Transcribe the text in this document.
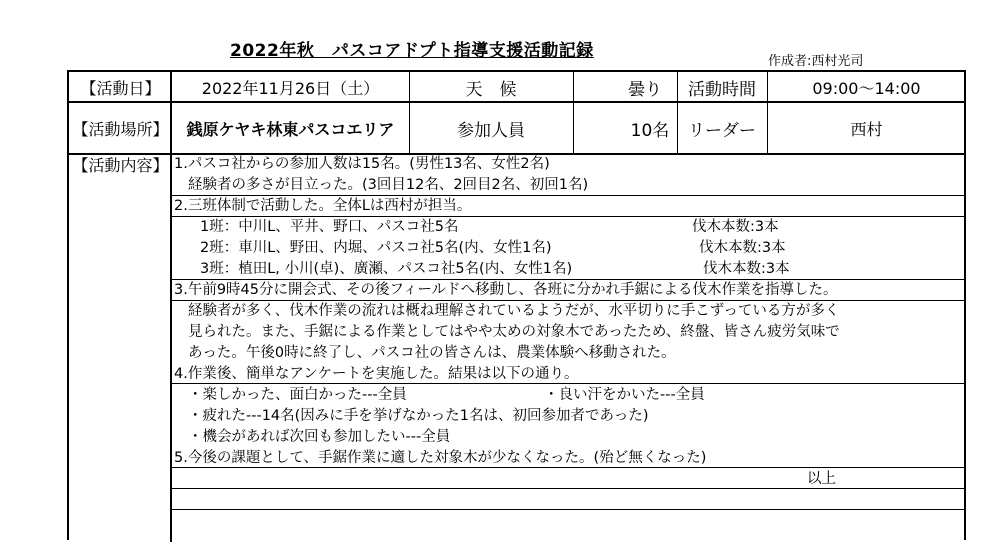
2022年秋　パスコアドプト指導支援活動記録
作成者:西村光司
【活動日】	2022年11月26日（土）	天　候	曇り	活動時間	09:00～14:00
【活動場所】	銭原ケヤキ林東パスコエリア	参加人員	10名	リーダー	西村
【活動内容】 1.パスコ社からの参加人数は15名。(男性13名、女性2名)
経験者の多さが目立った。(3回目12名、2回目2名、初回1名)
2.三班体制で活動した。全体Lは西村が担当。
1班：中川L、平井、野口、パスコ社5名	伐木本数:3本
2班：車川L、野田、内堀、パスコ社5名(内、女性1名)	伐木本数:3本
3班：植田L, 小川(卓)、廣瀬、パスコ社5名(内、女性1名)	伐木本数:3本
3.午前9時45分に開会式、その後フィールドへ移動し、各班に分かれ手鋸による伐木作業を指導した。
経験者が多く、伐木作業の流れは概ね理解されているようだが、水平切りに手こずっている方が多く
見られた。また、手鋸による作業としてはやや太めの対象木であったため、終盤、皆さん疲労気味で
あった。午後0時に終了し、パスコ社の皆さんは、農業体験へ移動された。
4.作業後、簡単なアンケートを実施した。結果は以下の通り。
・楽しかった、面白かった---全員	・良い汗をかいた---全員
・疲れた---14名(因みに手を挙げなかった1名は、初回参加者であった)
・機会があれば次回も参加したい---全員
5.今後の課題として、手鋸作業に適した対象木が少なくなった。(殆ど無くなった)
以上
